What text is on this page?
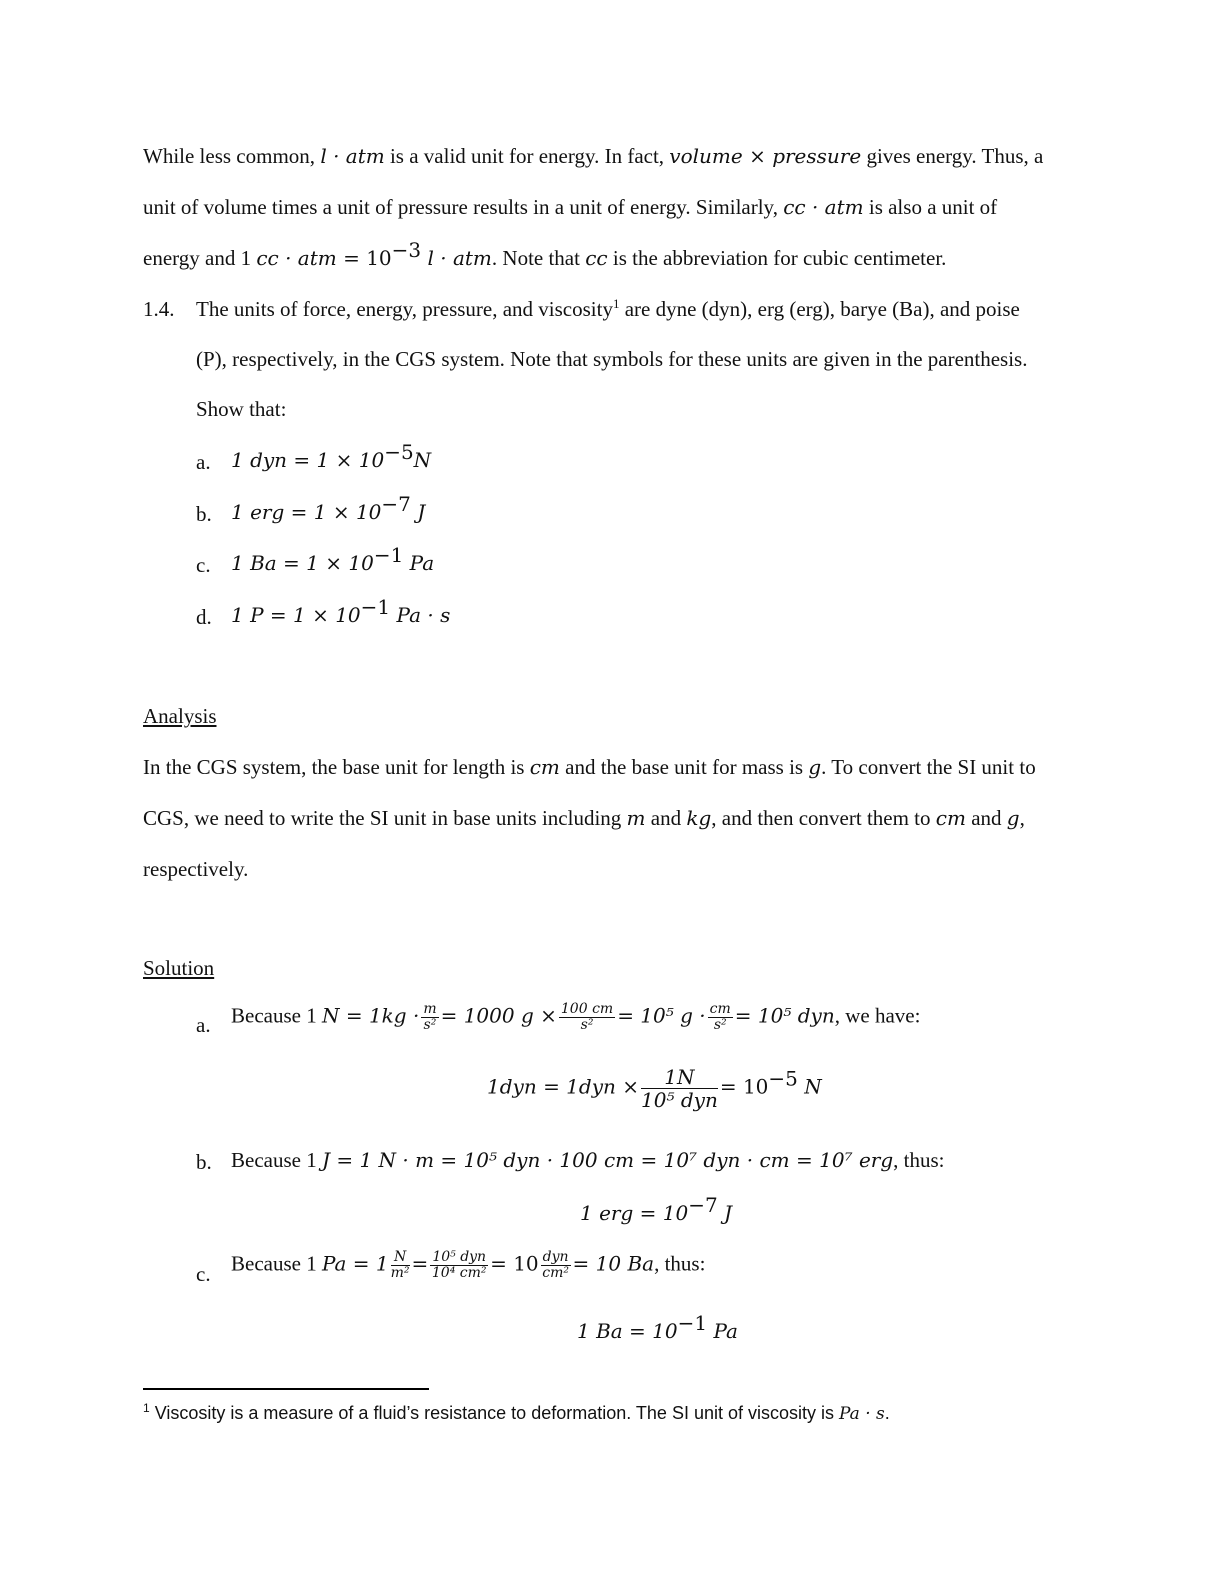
While less common, l · atm is a valid unit for energy. In fact, volume × pressure gives energy. Thus, a
unit of volume times a unit of pressure results in a unit of energy. Similarly, cc · atm is also a unit of
energy and 1 cc · atm = $10^{-3}$ l · atm. Note that cc is the abbreviation for cubic centimeter.
1.4. The units of force, energy, pressure, and viscosity$^1$ are dyne (dyn), erg (erg), barye (Ba), and poise
(P), respectively, in the CGS system. Note that symbols for these units are given in the parenthesis.
Show that:
a. 1 dyn = $1 \times 10^{-5}N$
b. 1 erg = $1 \times 10^{-7}$ J
c. 1 $Ba = 1 \times 10^{-1}$ Pa
d. 1 $P = 1 \times 10^{-1}$ Pa · s
Analysis
In the CGS system, the base unit for length is cm and the base unit for mass is g. To convert the SI unit to
CGS, we need to write the SI unit in base units including m and kg, and then convert them to cm and g,
respectively.
Solution
a. Because 1 $N = 1kg \cdot \frac{m}{\text{s²}} = 1000$ $g \times \frac{100 cm}{\text{s²}} = 10^5$ $g \cdot \frac{cm}{\text{s²}} = 10^5$ dyn, we have:
$1dyn = 1dyn \times \frac{1N}{\text{10⁵ dyn}} = 10^{-5}$ N
b. Because 1 J = 1 N · m = 10⁵ dyn · 100 cm = 10⁷ dyn · cm = 10⁷ erg, thus:
1 erg = $10^{-7}$ J
c. Because 1 $Pa = 1 \frac{N}{\text{m²}} = \frac{\text{10⁵ dyn}}{\text{10⁴ cm²}} = 10 \frac{\text{dyn}}{\text{cm²}} = 10$ Ba, thus:
1 $Ba = 10^{-1}$ Pa
$^1$ Viscosity is a measure of a fluid’s resistance to deformation. The SI unit of viscosity is Pa · s.
